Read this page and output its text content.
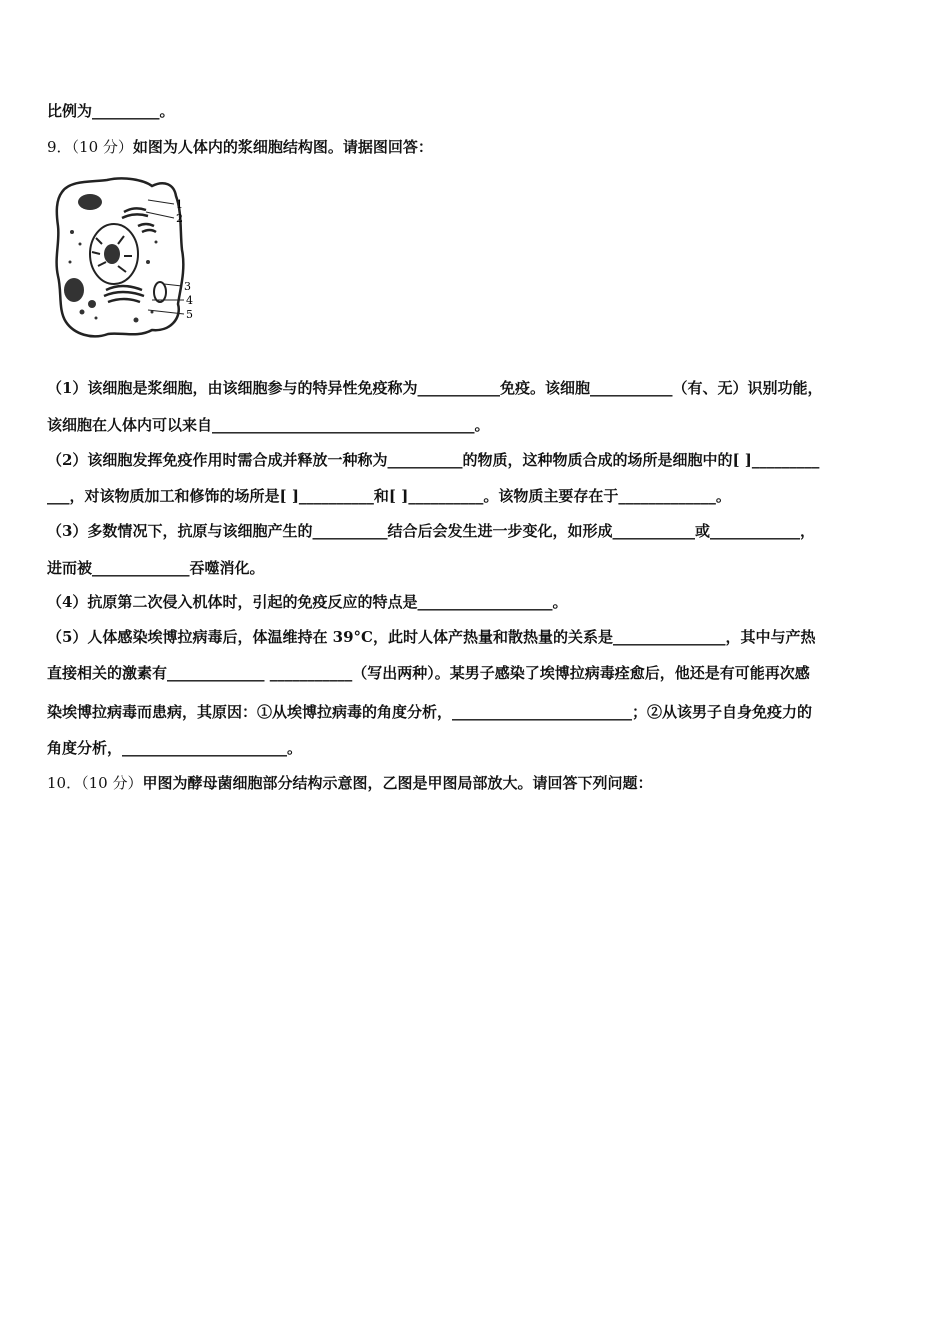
比例为_________。
9．（10 分）如图为人体内的浆细胞结构图。请据图回答：
1
2
3
4
5
（1）该细胞是浆细胞，由该细胞参与的特异性免疫称为___________免疫。该细胞___________（有、无）识别功能，
该细胞在人体内可以来自___________________________________。
（2）该细胞发挥免疫作用时需合成并释放一种称为__________的物质，这种物质合成的场所是细胞中的[ ]_________
___，对该物质加工和修饰的场所是[ ]__________和[ ]__________。该物质主要存在于_____________。
（3）多数情况下，抗原与该细胞产生的__________结合后会发生进一步变化，如形成___________或____________，
进而被_____________吞噬消化。
（4）抗原第二次侵入机体时，引起的免疫反应的特点是__________________。
（5）人体感染埃博拉病毒后，体温维持在 39°C，此时人体产热量和散热量的关系是_______________，其中与产热
直接相关的激素有_____________ ___________（写出两种）。某男子感染了埃博拉病毒痊愈后，他还是有可能再次感
染埃博拉病毒而患病，其原因：①从埃博拉病毒的角度分析，________________________；②从该男子自身免疫力的
角度分析，______________________。
10．（10 分）甲图为酵母菌细胞部分结构示意图，乙图是甲图局部放大。请回答下列问题：
